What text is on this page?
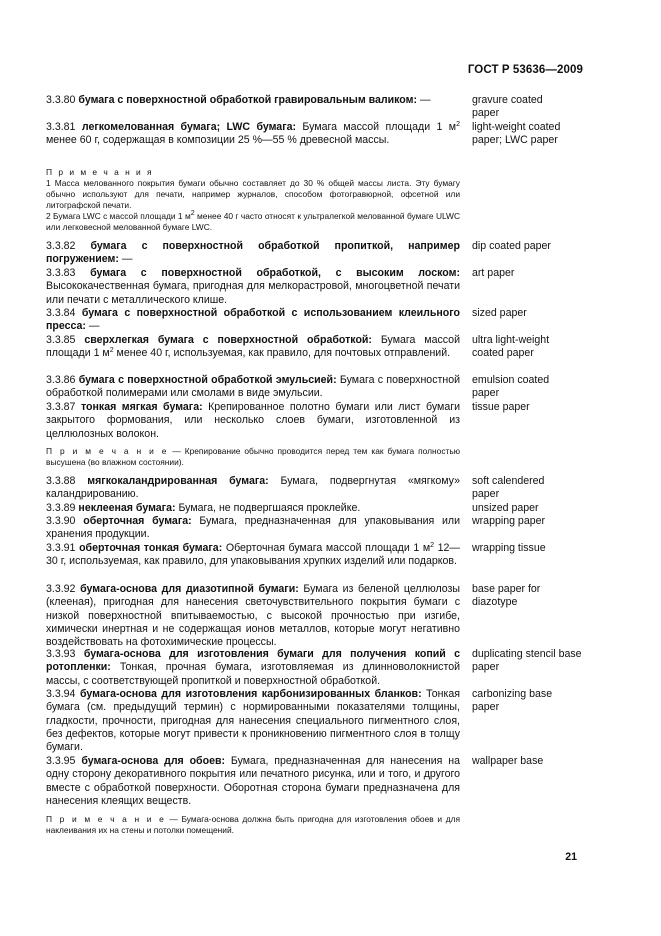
ГОСТ Р 53636—2009
3.3.80 бумага с поверхностной обработкой гравировальным валиком: —	gravure coated paper
3.3.81 легкомелованная бумага; LWC бумага: Бумага массой площади 1 $м^2$ менее 60 г, содержащая в композиции 25 %—55 % древесной массы.
light-weight coated paper; LWC paper
П р и м е ч а н и я
1 Масса мелованного покрытия бумаги обычно составляет до 30 % общей массы листа. Эту бумагу обычно используют для печати, например журналов, способом фотогравюрной, офсетной или литографской печати.
2 Бумага LWC с массой площади 1 $м^2$ менее 40 г часто относят к ультралегкой мелованной бумаге ULWC или легковесной мелованной бумаге LWC.
3.3.82 бумага с поверхностной обработкой пропиткой, например погружением: —
dip coated paper
3.3.83 бумага с поверхностной обработкой, с высоким лоском: Высококачественная бумага, пригодная для мелкорастровой, многоцветной печати или печати с металлического клише.
art paper
3.3.84 бумага с поверхностной обработкой с использованием клеильного пресса: —
sized paper
3.3.85 сверхлегкая бумага с поверхностной обработкой: Бумага массой площади 1 $м^2$ менее 40 г, используемая, как правило, для почтовых отправлений.
ultra light-weight coated paper
3.3.86 бумага с поверхностной обработкой эмульсией: Бумага с поверхностной обработкой полимерами или смолами в виде эмульсии.
emulsion coated paper
3.3.87 тонкая мягкая бумага: Крепированное полотно бумаги или лист бумаги закрытого формования, или несколько слоев бумаги, изготовленной из целлюлозных волокон.
tissue paper
П р и м е ч а н и е — Крепирование обычно проводится перед тем как бумага полностью высушена (во влажном состоянии).
3.3.88 мягкокаландрированная бумага: Бумага, подвергнутая «мягкому» каландрированию.
soft calendered paper
3.3.89 неклееная бумага: Бумага, не подвергшаяся проклейке.	unsized paper
3.3.90 оберточная бумага: Бумага, предназначенная для упаковывания или хранения продукции.
wrapping paper
3.3.91 оберточная тонкая бумага: Оберточная бумага массой площади 1 $м^2$ 12—30 г, используемая, как правило, для упаковывания хрупких изделий или подарков.
wrapping tissue
3.3.92 бумага-основа для диазотипной бумаги: Бумага из беленой целлюлозы (клееная), пригодная для нанесения светочувствительного покрытия бумаги с низкой поверхностной впитываемостью, с высокой прочностью при изгибе, химически инертная и не содержащая ионов металлов, которые могут негативно воздействовать на фотохимические процессы.
base paper for diazotype
3.3.93 бумага-основа для изготовления бумаги для получения копий с ротопленки: Тонкая, прочная бумага, изготовляемая из длинноволокнистой массы, с соответствующей пропиткой и поверхностной обработкой.
duplicating stencil base paper
3.3.94 бумага-основа для изготовления карбонизированных бланков: Тонкая бумага (см. предыдущий термин) с нормированными показателями толщины, гладкости, прочности, пригодная для нанесения специального пигментного слоя, без дефектов, которые могут привести к проникновению пигментного слоя в толщу бумаги.
carbonizing base paper
3.3.95 бумага-основа для обоев: Бумага, предназначенная для нанесения на одну сторону декоративного покрытия или печатного рисунка, или и того, и другого вместе с обработкой поверхности. Оборотная сторона бумаги предназначена для нанесения клеящих веществ.
wallpaper base
П р и м е ч а н и е — Бумага-основа должна быть пригодна для изготовления обоев и для наклеивания их на стены и потолки помещений.
21
